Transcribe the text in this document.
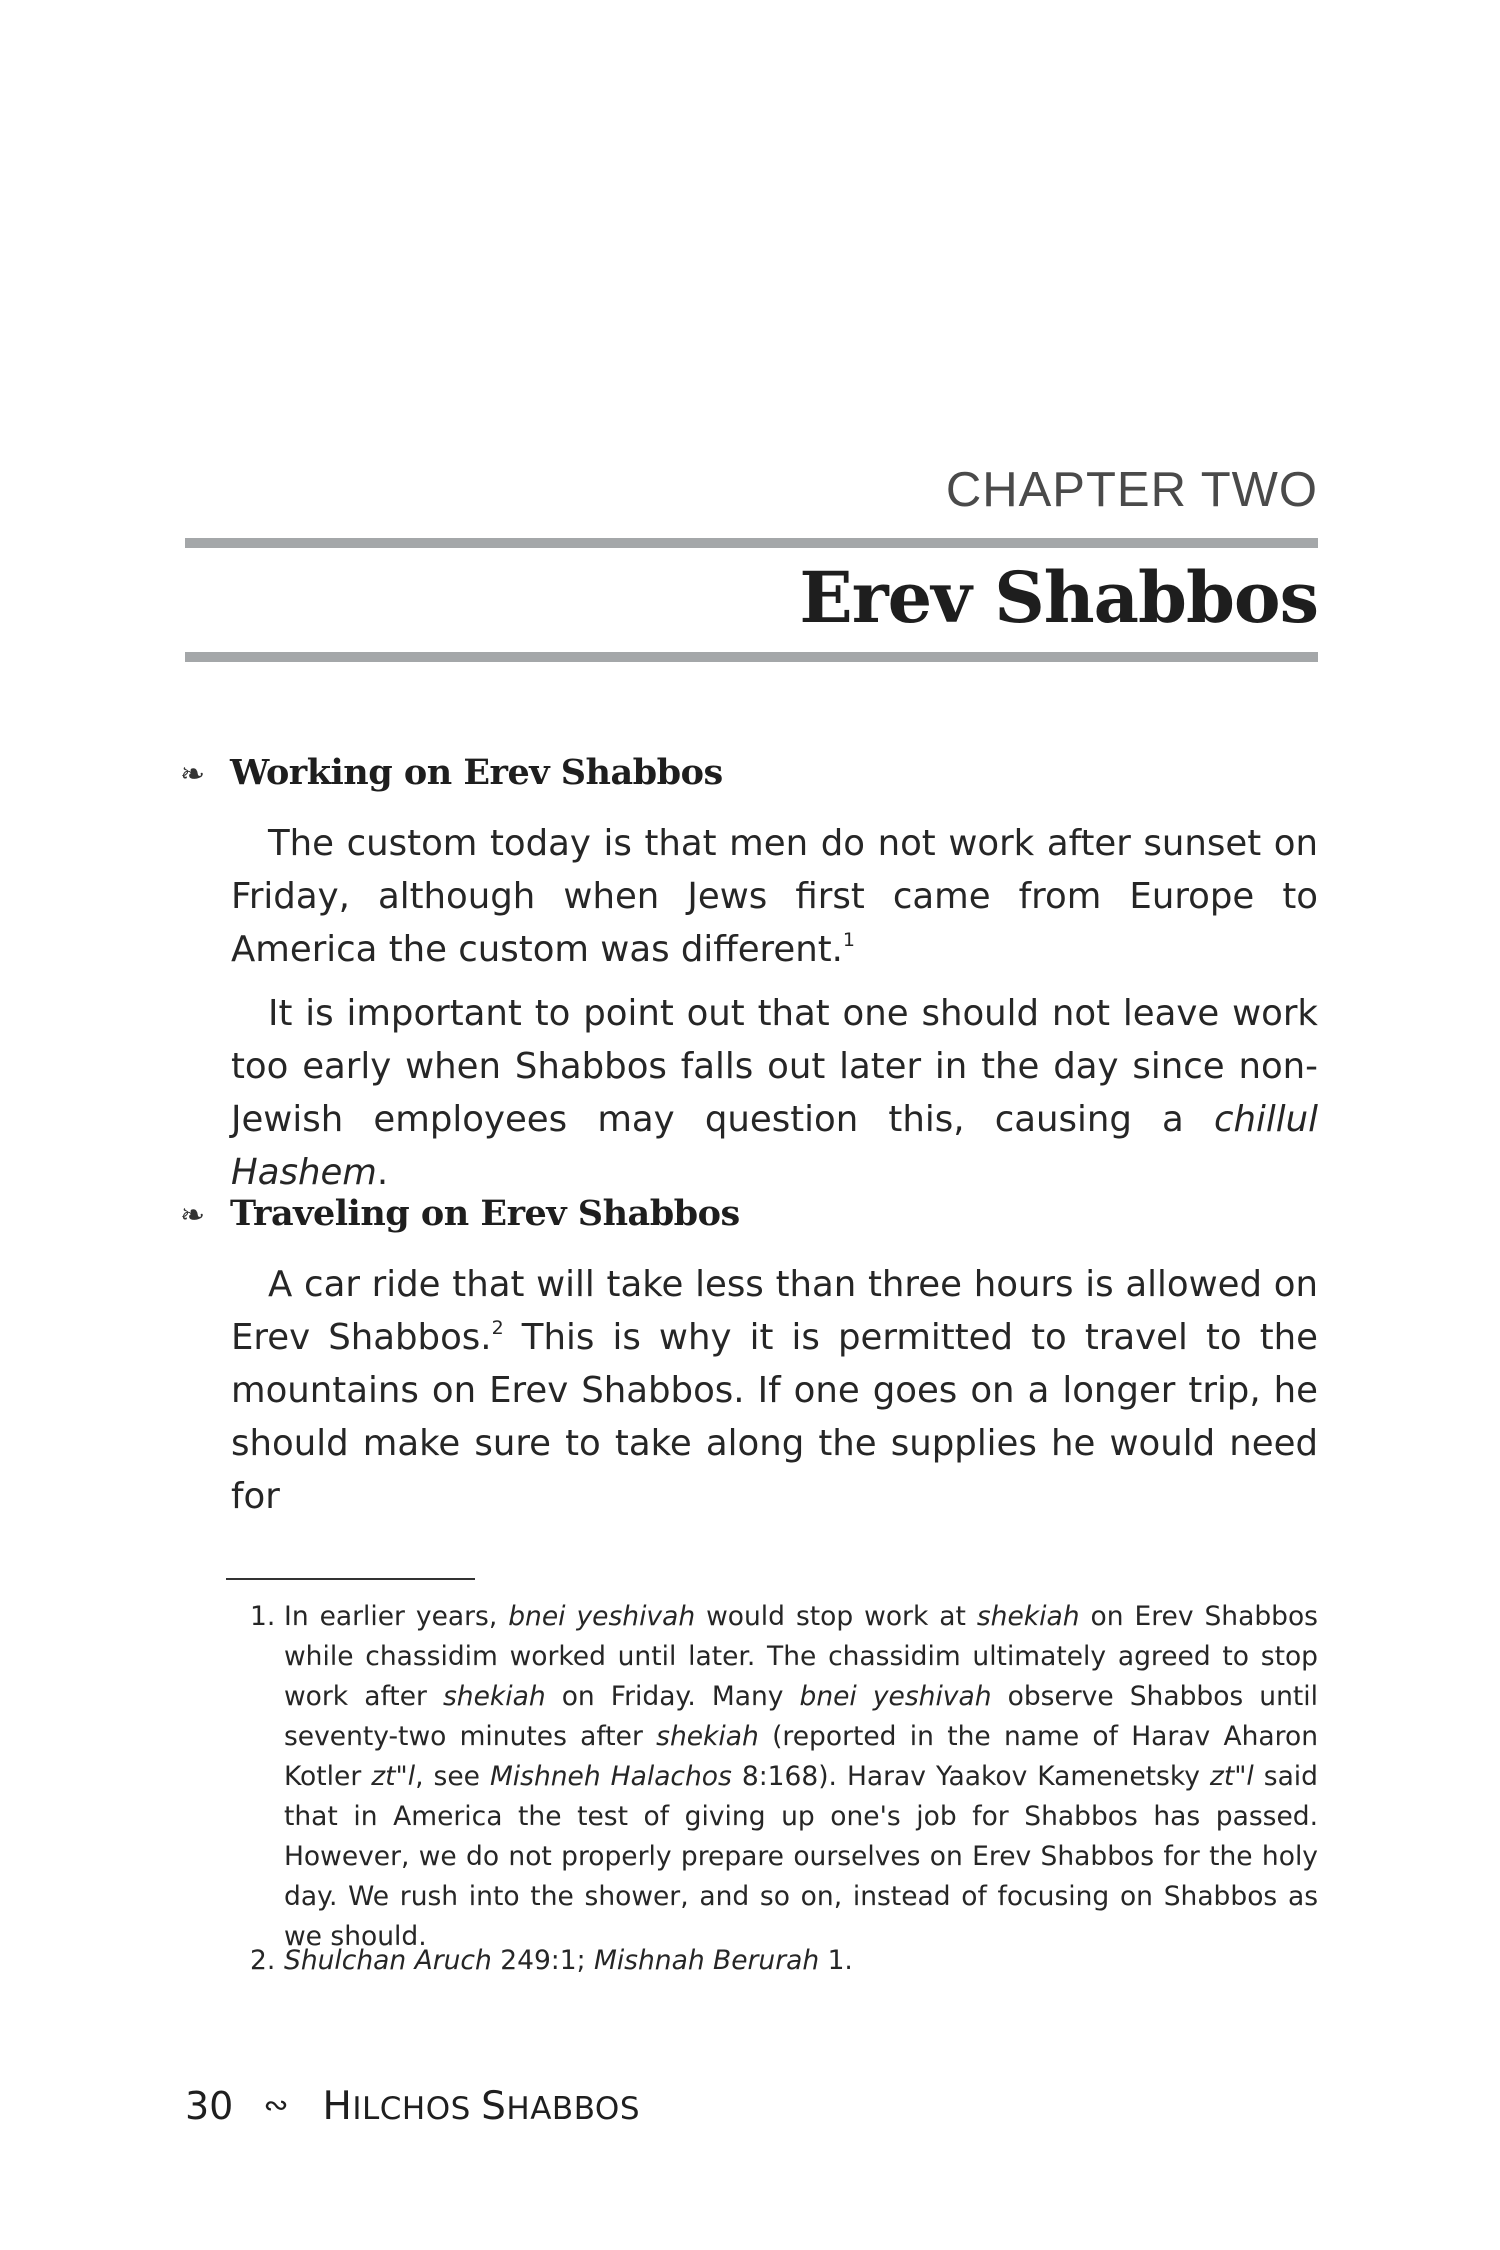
CHAPTER TWO
Erev Shabbos
❧ Working on Erev Shabbos
The custom today is that men do not work after sunset on Friday, although when Jews first came from Europe to America the custom was different.$^1$
It is important to point out that one should not leave work too early when Shabbos falls out later in the day since non-Jewish employees may question this, causing a chillul Hashem.
❧ Traveling on Erev Shabbos
A car ride that will take less than three hours is allowed on Erev Shabbos.$^2$ This is why it is permitted to travel to the mountains on Erev Shabbos. If one goes on a longer trip, he should make sure to take along the supplies he would need for
1. In earlier years, bnei yeshivah would stop work at shekiah on Erev Shabbos while chassidim worked until later. The chassidim ultimately agreed to stop work after shekiah on Friday. Many bnei yeshivah observe Shabbos until seventy-two minutes after shekiah (reported in the name of Harav Aharon Kotler zt"l, see Mishneh Halachos 8:168). Harav Yaakov Kamenetsky zt"l said that in America the test of giving up one's job for Shabbos has passed. However, we do not properly prepare ourselves on Erev Shabbos for the holy day. We rush into the shower, and so on, instead of focusing on Shabbos as we should.
2. Shulchan Aruch 249:1; Mishnah Berurah 1.
30 ∾ HILCHOS SHABBOS
